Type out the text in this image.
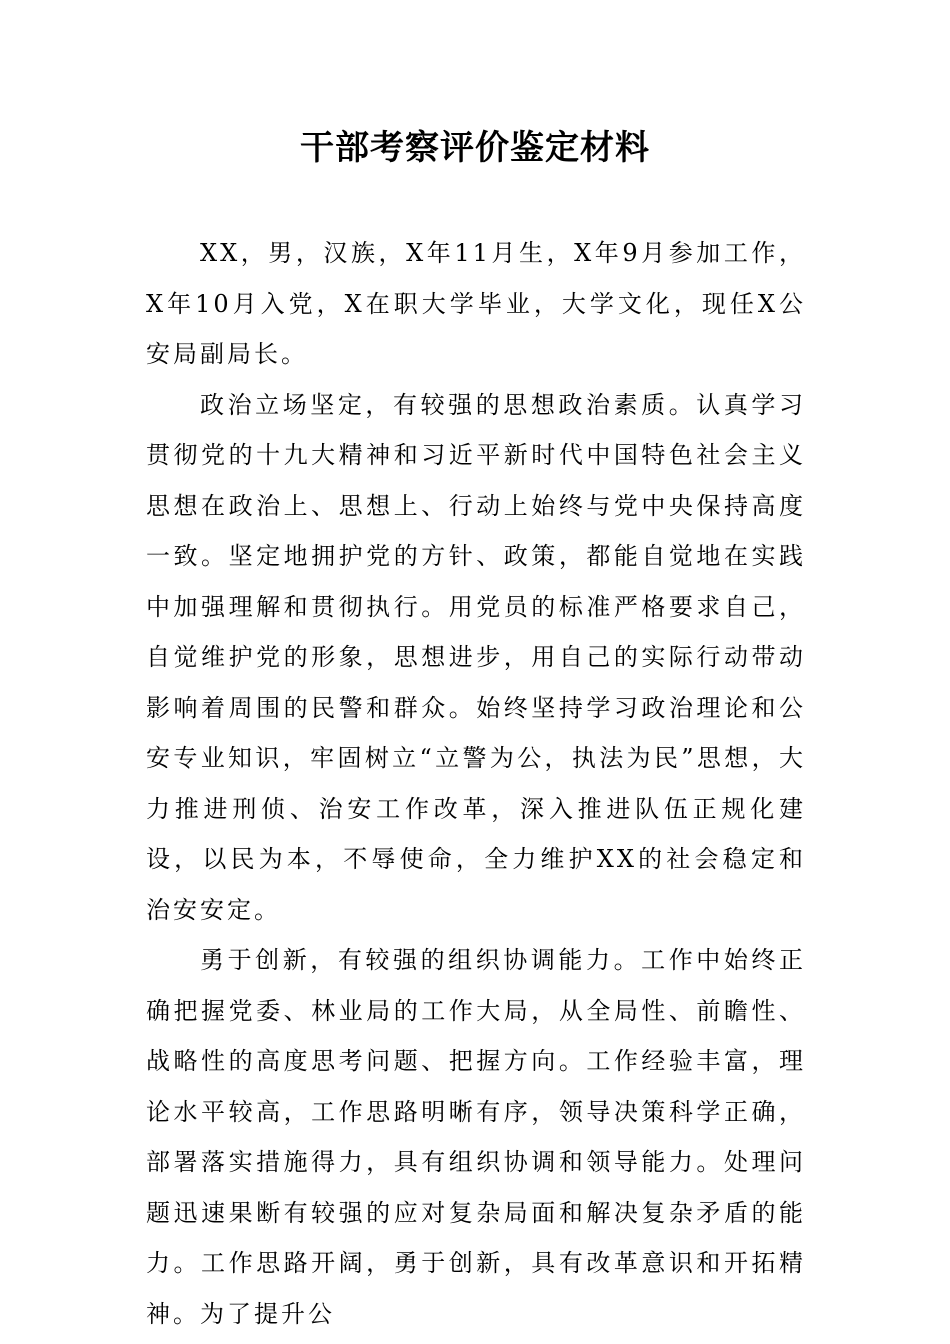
干部考察评价鉴定材料

XX，男，汉族，X年11月生，X年9月参加工作，X年10月入党，X在职大学毕业，大学文化，现任X公安局副局长。

政治立场坚定，有较强的思想政治素质。认真学习贯彻党的十九大精神和习近平新时代中国特色社会主义思想在政治上、思想上、行动上始终与党中央保持高度一致。坚定地拥护党的方针、政策，都能自觉地在实践中加强理解和贯彻执行。用党员的标准严格要求自己，自觉维护党的形象，思想进步，用自己的实际行动带动影响着周围的民警和群众。始终坚持学习政治理论和公安专业知识，牢固树立“立警为公，执法为民”思想，大力推进刑侦、治安工作改革，深入推进队伍正规化建设，以民为本，不辱使命，全力维护XX的社会稳定和治安安定。

勇于创新，有较强的组织协调能力。工作中始终正确把握党委、林业局的工作大局，从全局性、前瞻性、战略性的高度思考问题、把握方向。工作经验丰富，理论水平较高，工作思路明晰有序，领导决策科学正确，部署落实措施得力，具有组织协调和领导能力。处理问题迅速果断有较强的应对复杂局面和解决复杂矛盾的能力。工作思路开阔，勇于创新，具有改革意识和开拓精神。为了提升公
